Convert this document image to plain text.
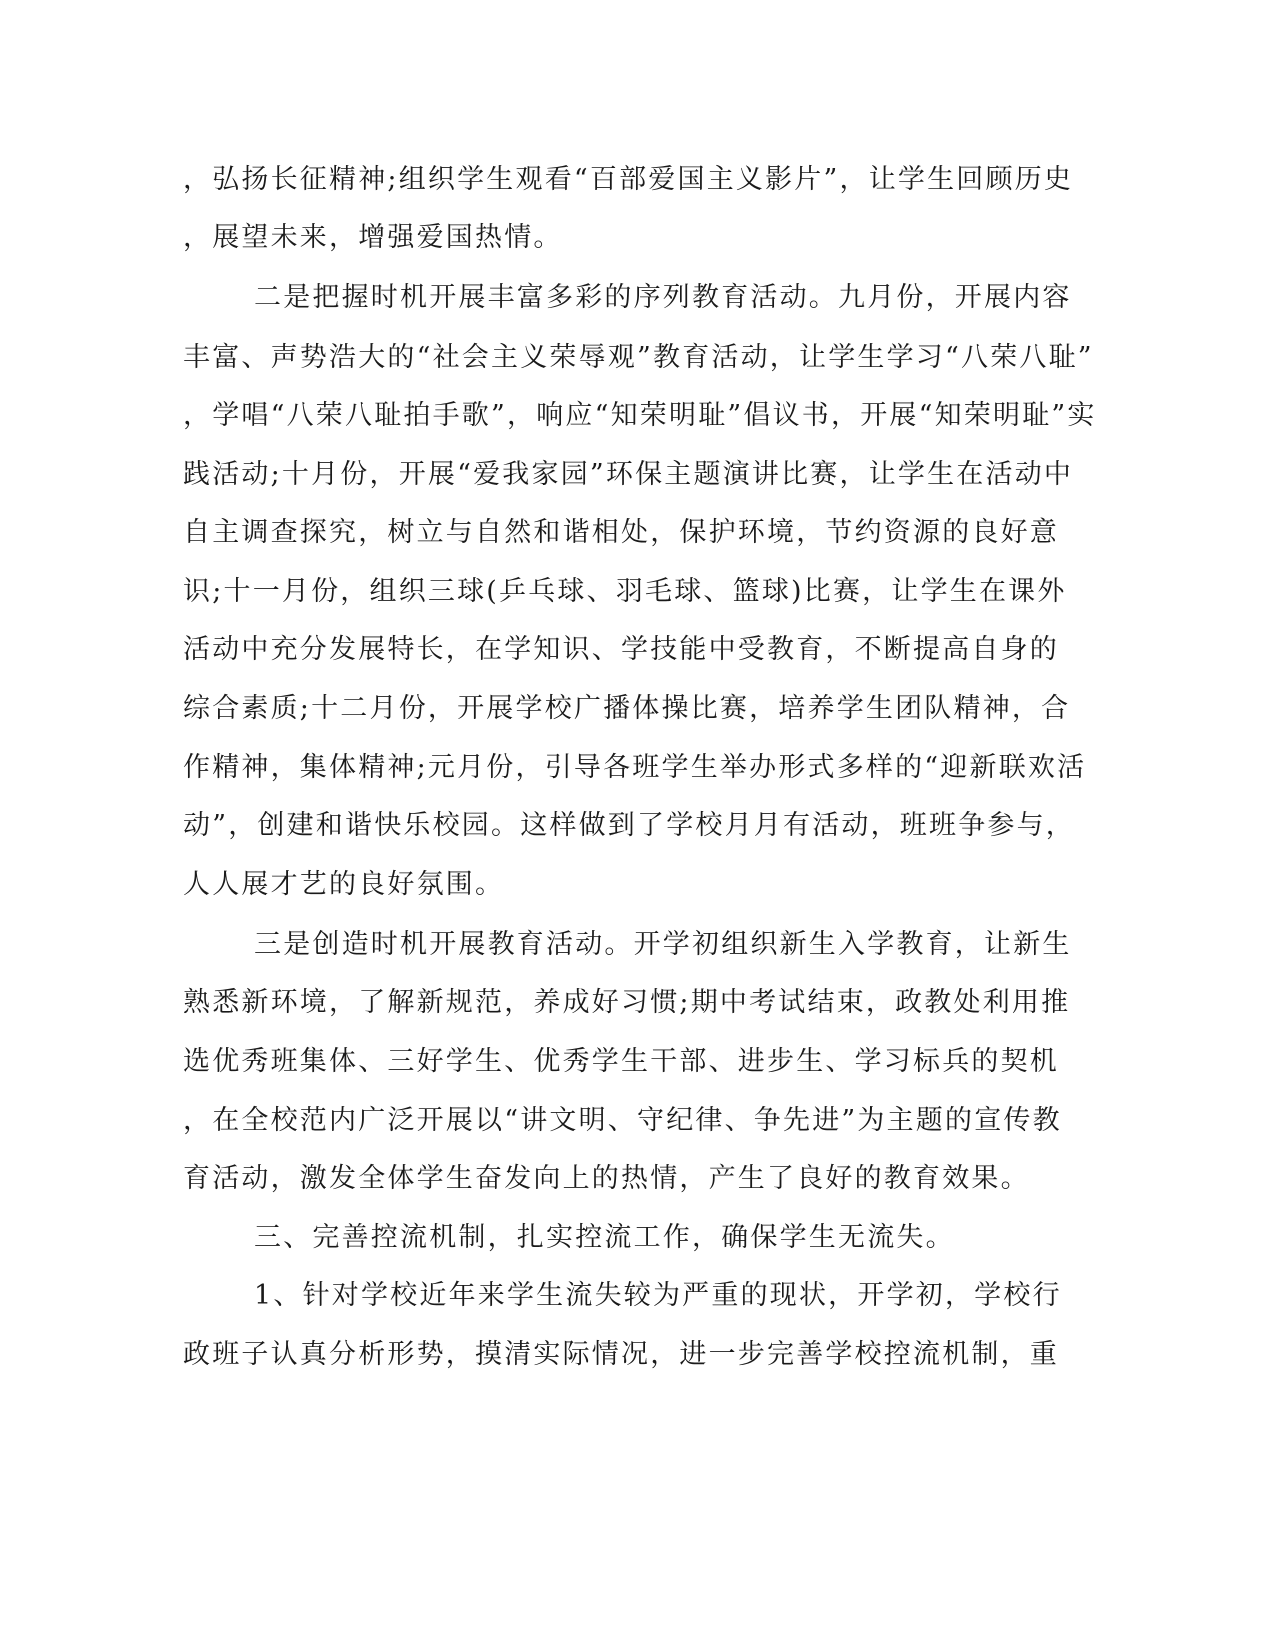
，弘扬长征精神;组织学生观看“百部爱国主义影片”，让学生回顾历史
，展望未来，增强爱国热情。
二是把握时机开展丰富多彩的序列教育活动。九月份，开展内容
丰富、声势浩大的“社会主义荣辱观”教育活动，让学生学习“八荣八耻”
，学唱“八荣八耻拍手歌”，响应“知荣明耻”倡议书，开展“知荣明耻”实
践活动;十月份，开展“爱我家园”环保主题演讲比赛，让学生在活动中
自主调查探究，树立与自然和谐相处，保护环境，节约资源的良好意
识;十一月份，组织三球(乒乓球、羽毛球、篮球)比赛，让学生在课外
活动中充分发展特长，在学知识、学技能中受教育，不断提高自身的
综合素质;十二月份，开展学校广播体操比赛，培养学生团队精神，合
作精神，集体精神;元月份，引导各班学生举办形式多样的“迎新联欢活
动”，创建和谐快乐校园。这样做到了学校月月有活动，班班争参与，
人人展才艺的良好氛围。
三是创造时机开展教育活动。开学初组织新生入学教育，让新生
熟悉新环境，了解新规范，养成好习惯;期中考试结束，政教处利用推
选优秀班集体、三好学生、优秀学生干部、进步生、学习标兵的契机
，在全校范内广泛开展以“讲文明、守纪律、争先进”为主题的宣传教
育活动，激发全体学生奋发向上的热情，产生了良好的教育效果。
三、完善控流机制，扎实控流工作，确保学生无流失。
1、针对学校近年来学生流失较为严重的现状，开学初，学校行
政班子认真分析形势，摸清实际情况，进一步完善学校控流机制，重
